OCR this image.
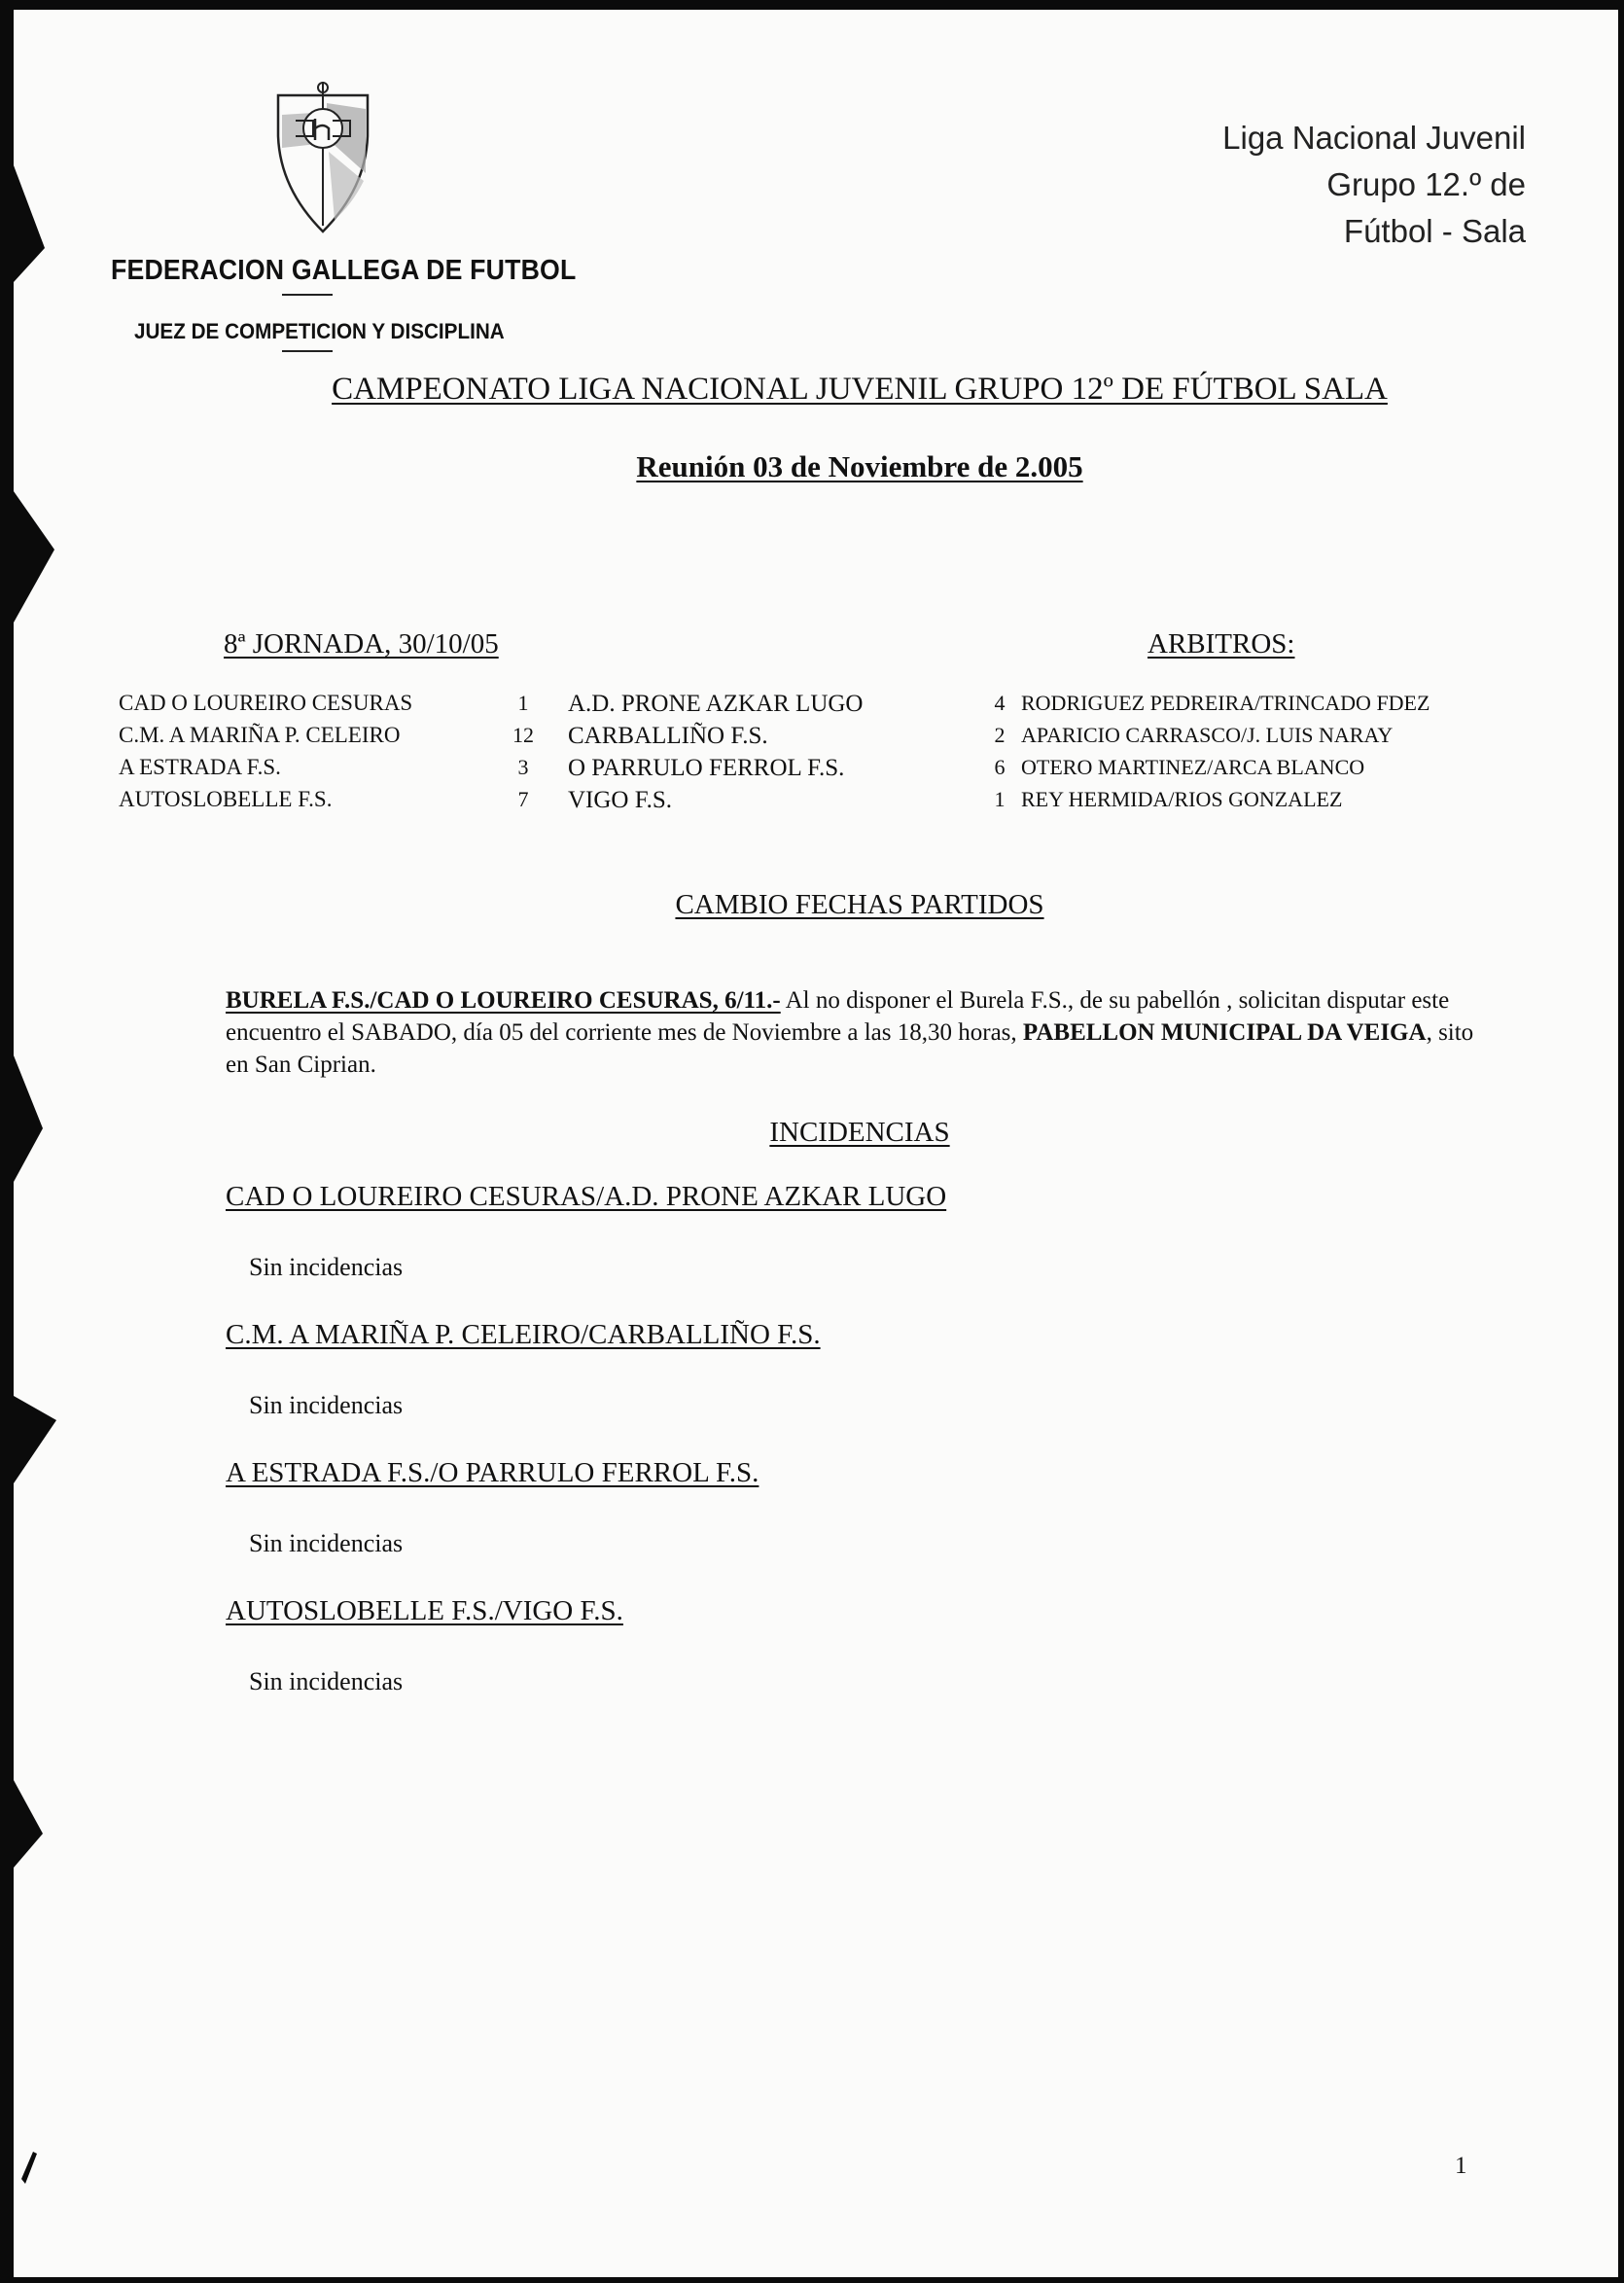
FEDERACION GALLEGA DE FUTBOL
JUEZ DE COMPETICION Y DISCIPLINA
Liga Nacional Juvenil
Grupo 12.º de
Fútbol - Sala
CAMPEONATO LIGA NACIONAL JUVENIL GRUPO 12º DE FÚTBOL SALA
Reunión 03 de Noviembre de 2.005
8ª JORNADA, 30/10/05	ARBITROS:
CAD O LOUREIRO CESURAS	1	A.D. PRONE AZKAR LUGO	4 RODRIGUEZ PEDREIRA/TRINCADO FDEZ
C.M. A MARIÑA P. CELEIRO	12	CARBALLIÑO F.S.	2 APARICIO CARRASCO/J. LUIS NARAY
A ESTRADA F.S.	3	O PARRULO FERROL F.S.	6 OTERO MARTINEZ/ARCA BLANCO
AUTOSLOBELLE F.S.	7	VIGO F.S.	1 REY HERMIDA/RIOS GONZALEZ
CAMBIO FECHAS PARTIDOS
BURELA F.S./CAD O LOUREIRO CESURAS, 6/11.- Al no disponer el Burela F.S., de su pabellón , solicitan disputar este encuentro el SABADO, día 05 del corriente mes de Noviembre a las 18,30 horas, PABELLON MUNICIPAL DA VEIGA, sito en San Ciprian.
INCIDENCIAS
CAD O LOUREIRO CESURAS/A.D. PRONE AZKAR LUGO
Sin incidencias
C.M. A MARIÑA P. CELEIRO/CARBALLIÑO F.S.
Sin incidencias
A ESTRADA F.S./O PARRULO FERROL F.S.
Sin incidencias
AUTOSLOBELLE F.S./VIGO F.S.
Sin incidencias
1
